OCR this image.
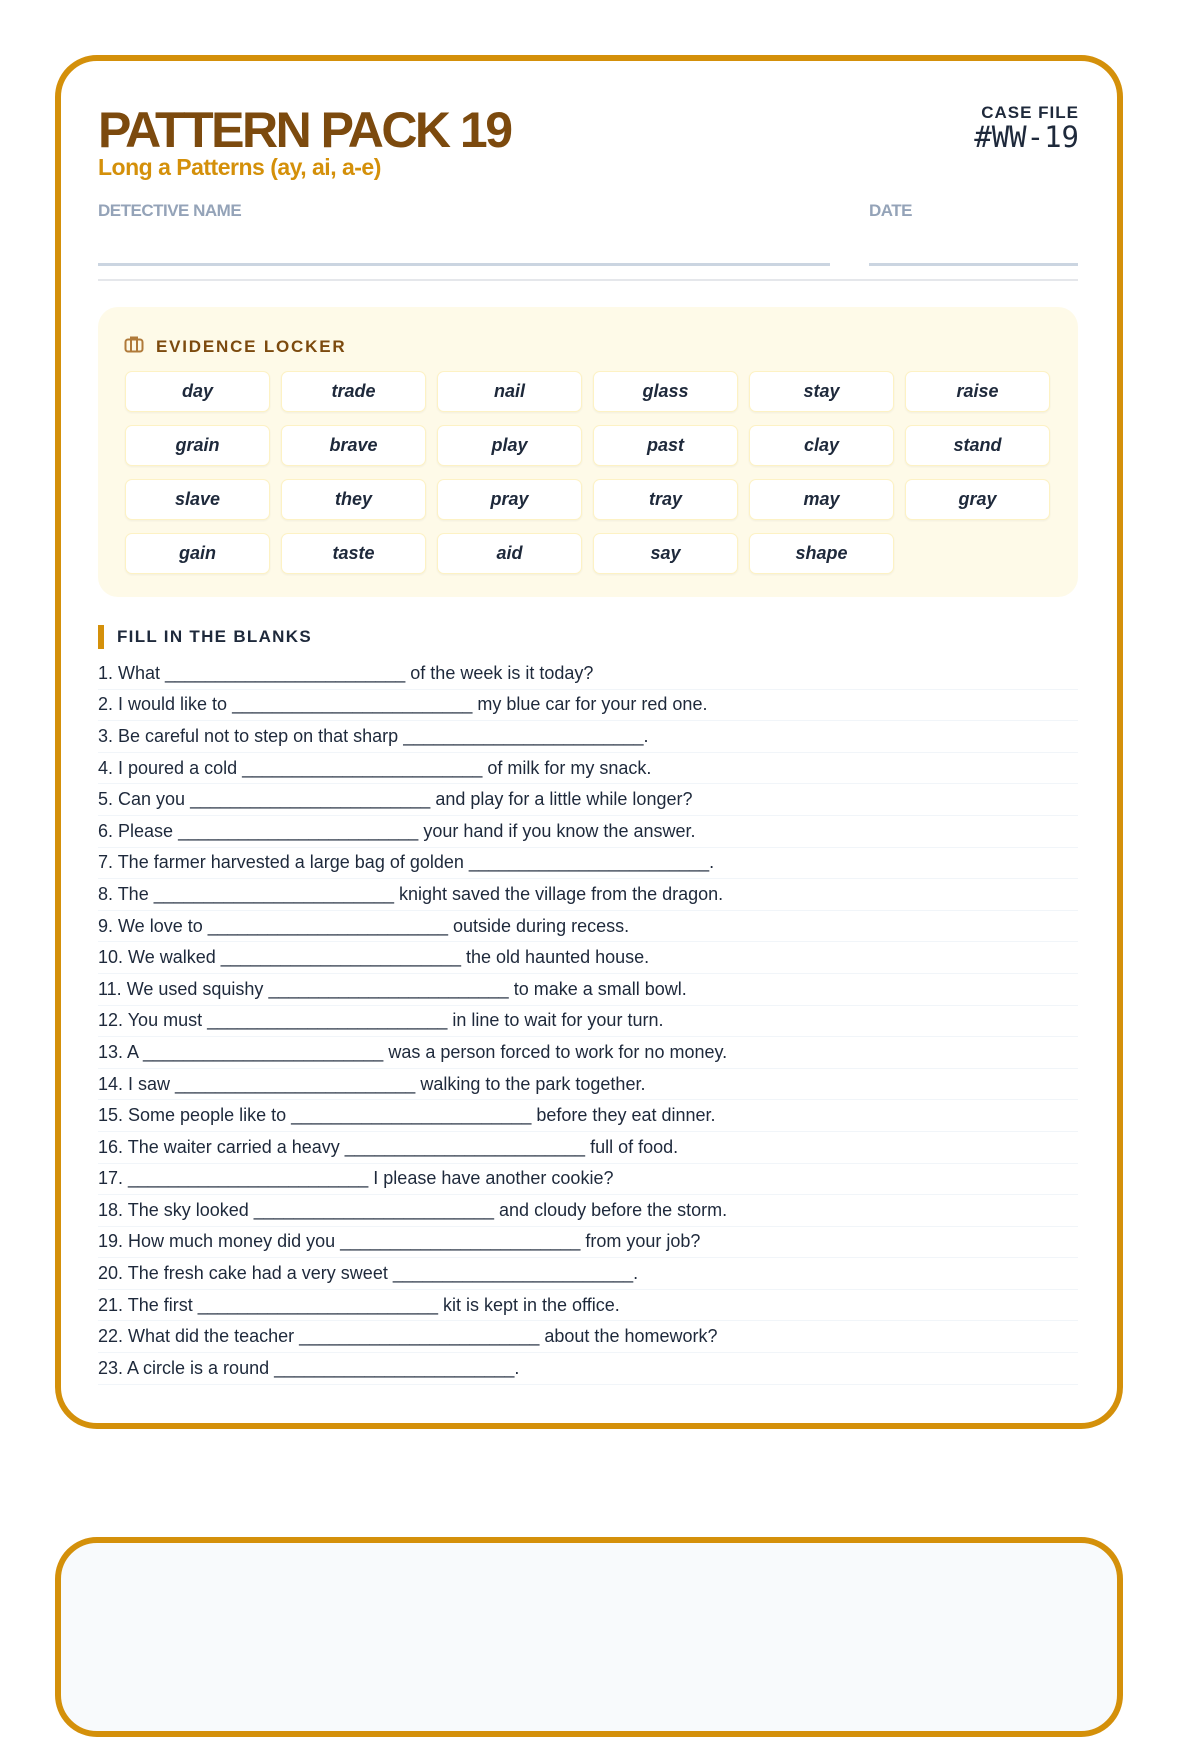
PATTERN PACK 19
Long a Patterns (ay, ai, a-e)
CASE FILE
#WW-19
DETECTIVE NAME	DATE
EVIDENCE LOCKER
day	trade	nail	glass	stay	raise
grain	brave	play	past	clay	stand
slave	they	pray	tray	may	gray
gain	taste	aid	say	shape
FILL IN THE BLANKS
1. What ________________________ of the week is it today?
2. I would like to ________________________ my blue car for your red one.
3. Be careful not to step on that sharp ________________________ .
4. I poured a cold ________________________ of milk for my snack.
5. Can you ________________________ and play for a little while longer?
6. Please ________________________ your hand if you know the answer.
7. The farmer harvested a large bag of golden ________________________ .
8. The ________________________ knight saved the village from the dragon.
9. We love to ________________________ outside during recess.
10. We walked ________________________ the old haunted house.
11. We used squishy ________________________ to make a small bowl.
12. You must ________________________ in line to wait for your turn.
13. A ________________________ was a person forced to work for no money.
14. I saw ________________________ walking to the park together.
15. Some people like to ________________________ before they eat dinner.
16. The waiter carried a heavy ________________________ full of food.
17. ________________________ I please have another cookie?
18. The sky looked ________________________ and cloudy before the storm.
19. How much money did you ________________________ from your job?
20. The fresh cake had a very sweet ________________________ .
21. The first ________________________ kit is kept in the office.
22. What did the teacher ________________________ about the homework?
23. A circle is a round ________________________ .
